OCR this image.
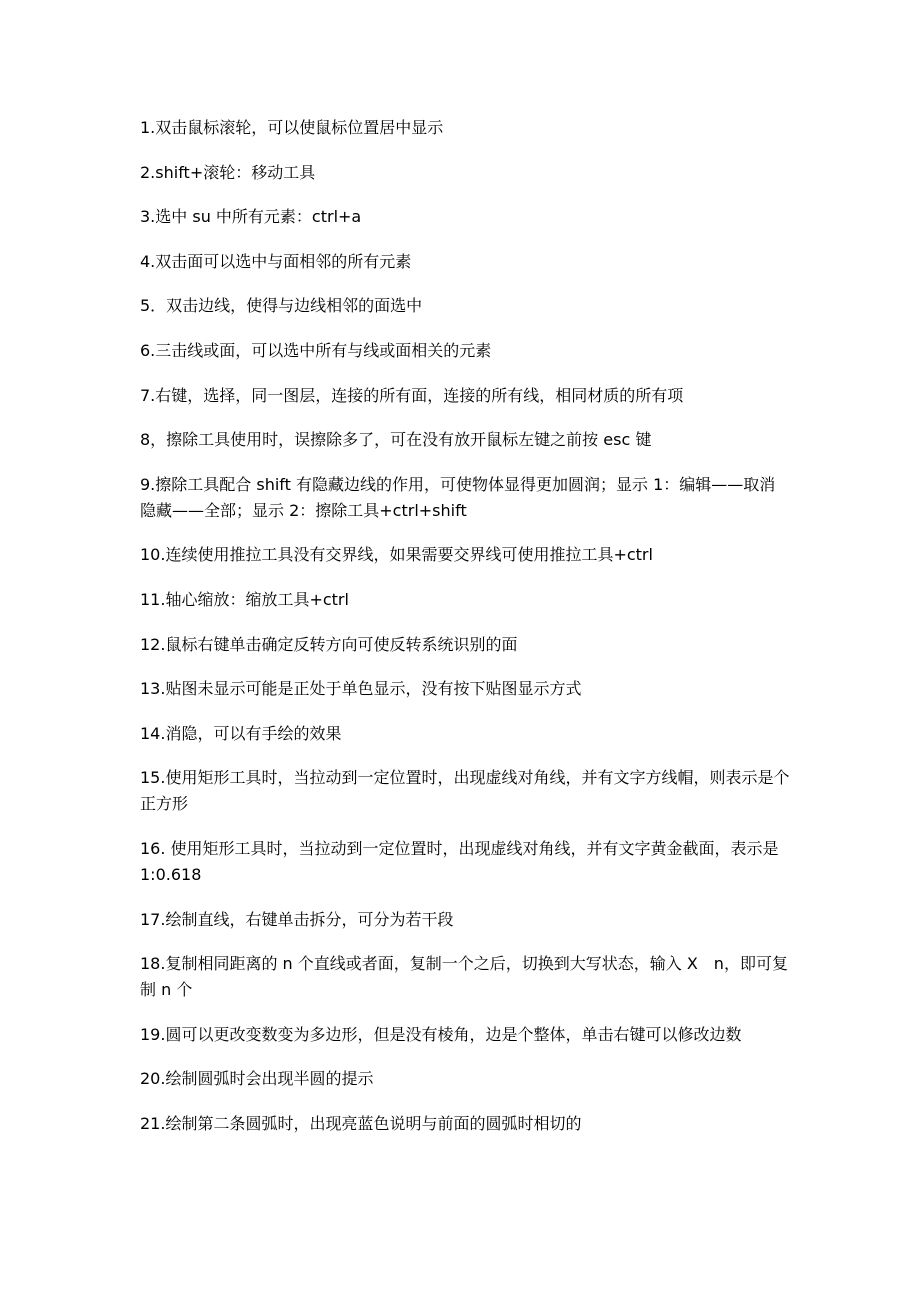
1.双击鼠标滚轮，可以使鼠标位置居中显示
2.shift+滚轮：移动工具
3.选中 su 中所有元素：ctrl+a
4.双击面可以选中与面相邻的所有元素
5．双击边线，使得与边线相邻的面选中
6.三击线或面，可以选中所有与线或面相关的元素
7.右键，选择，同一图层，连接的所有面，连接的所有线，相同材质的所有项
8，擦除工具使用时，误擦除多了，可在没有放开鼠标左键之前按 esc 键
9.擦除工具配合 shift 有隐藏边线的作用，可使物体显得更加圆润；显示 1：编辑——取消隐藏——全部；显示 2：擦除工具+ctrl+shift
10.连续使用推拉工具没有交界线，如果需要交界线可使用推拉工具+ctrl
11.轴心缩放：缩放工具+ctrl
12.鼠标右键单击确定反转方向可使反转系统识别的面
13.贴图未显示可能是正处于单色显示，没有按下贴图显示方式
14.消隐，可以有手绘的效果
15.使用矩形工具时，当拉动到一定位置时，出现虚线对角线，并有文字方线帽，则表示是个正方形
16. 使用矩形工具时，当拉动到一定位置时，出现虚线对角线，并有文字黄金截面，表示是 1:0.618
17.绘制直线，右键单击拆分，可分为若干段
18.复制相同距离的 n 个直线或者面，复制一个之后，切换到大写状态，输入 X　n，即可复制 n 个
19.圆可以更改变数变为多边形，但是没有棱角，边是个整体，单击右键可以修改边数
20.绘制圆弧时会出现半圆的提示
21.绘制第二条圆弧时，出现亮蓝色说明与前面的圆弧时相切的
